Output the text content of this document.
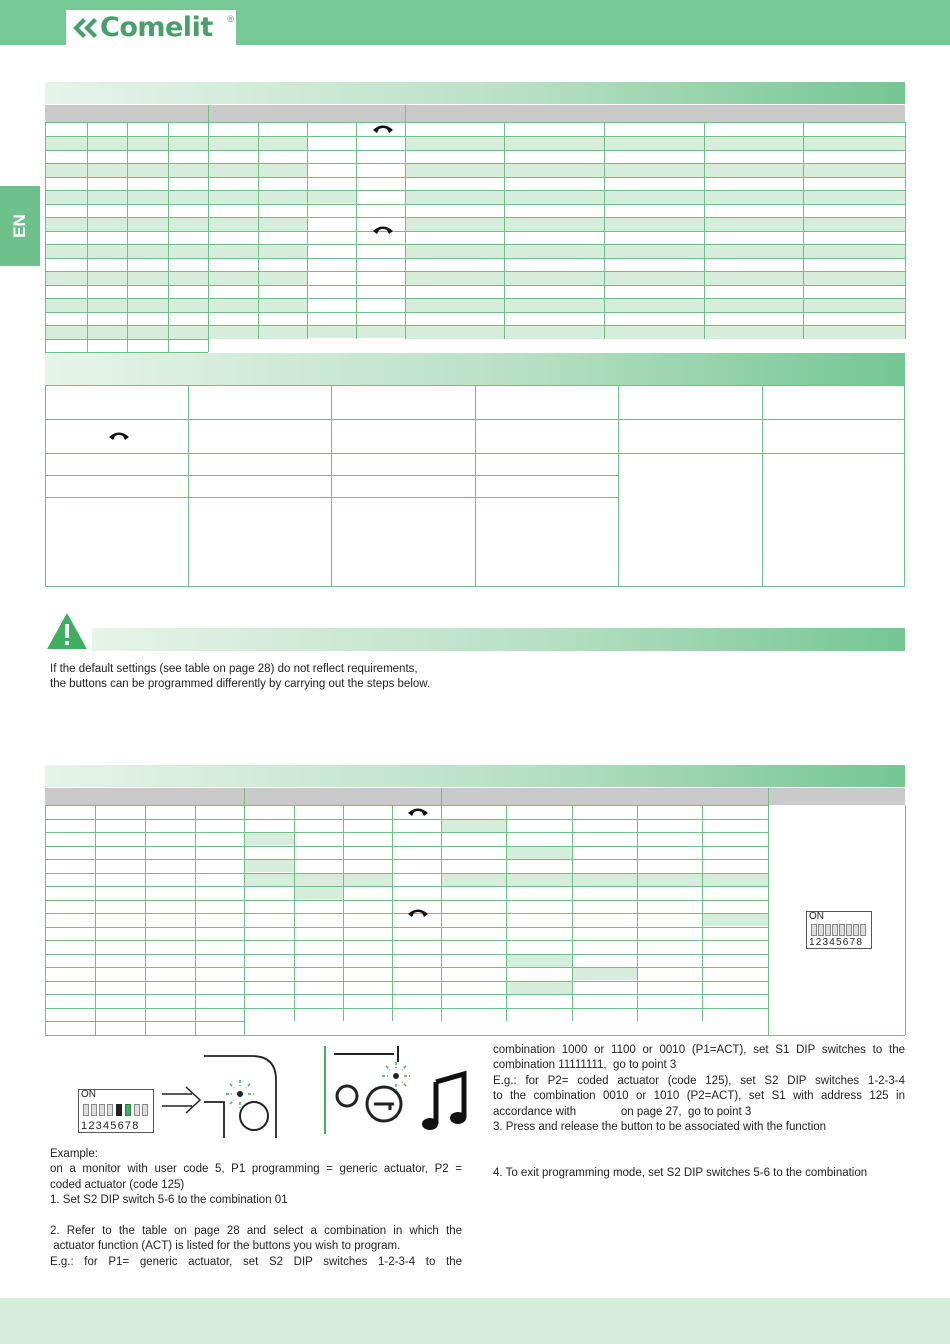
Comelit ®
EN
If the default settings (see table on page 28) do not reflect requirements,
the buttons can be programmed differently by carrying out the steps below.
ON
12345678
ON
12345678
Example:
on a monitor with user code 5, P1 programming = generic actuator, P2 =
coded actuator (code 125)
1. Set S2 DIP switch 5-6 to the combination 01
2. Refer to the table on page 28 and select a combination in which the
actuator function (ACT) is listed for the buttons you wish to program.
E.g.: for P1= generic actuator, set S2 DIP switches 1-2-3-4 to the
combination 1000 or 1100 or 0010 (P1=ACT), set S1 DIP switches to the
combination 11111111,  go to point 3
E.g.: for P2= coded actuator (code 125), set S2 DIP switches 1-2-3-4
to the combination 0010 or 1010 (P2=ACT), set S1 with address 125 in
accordance with              on page 27,  go to point 3
3. Press and release the button to be associated with the function
4. To exit programming mode, set S2 DIP switches 5-6 to the combination
